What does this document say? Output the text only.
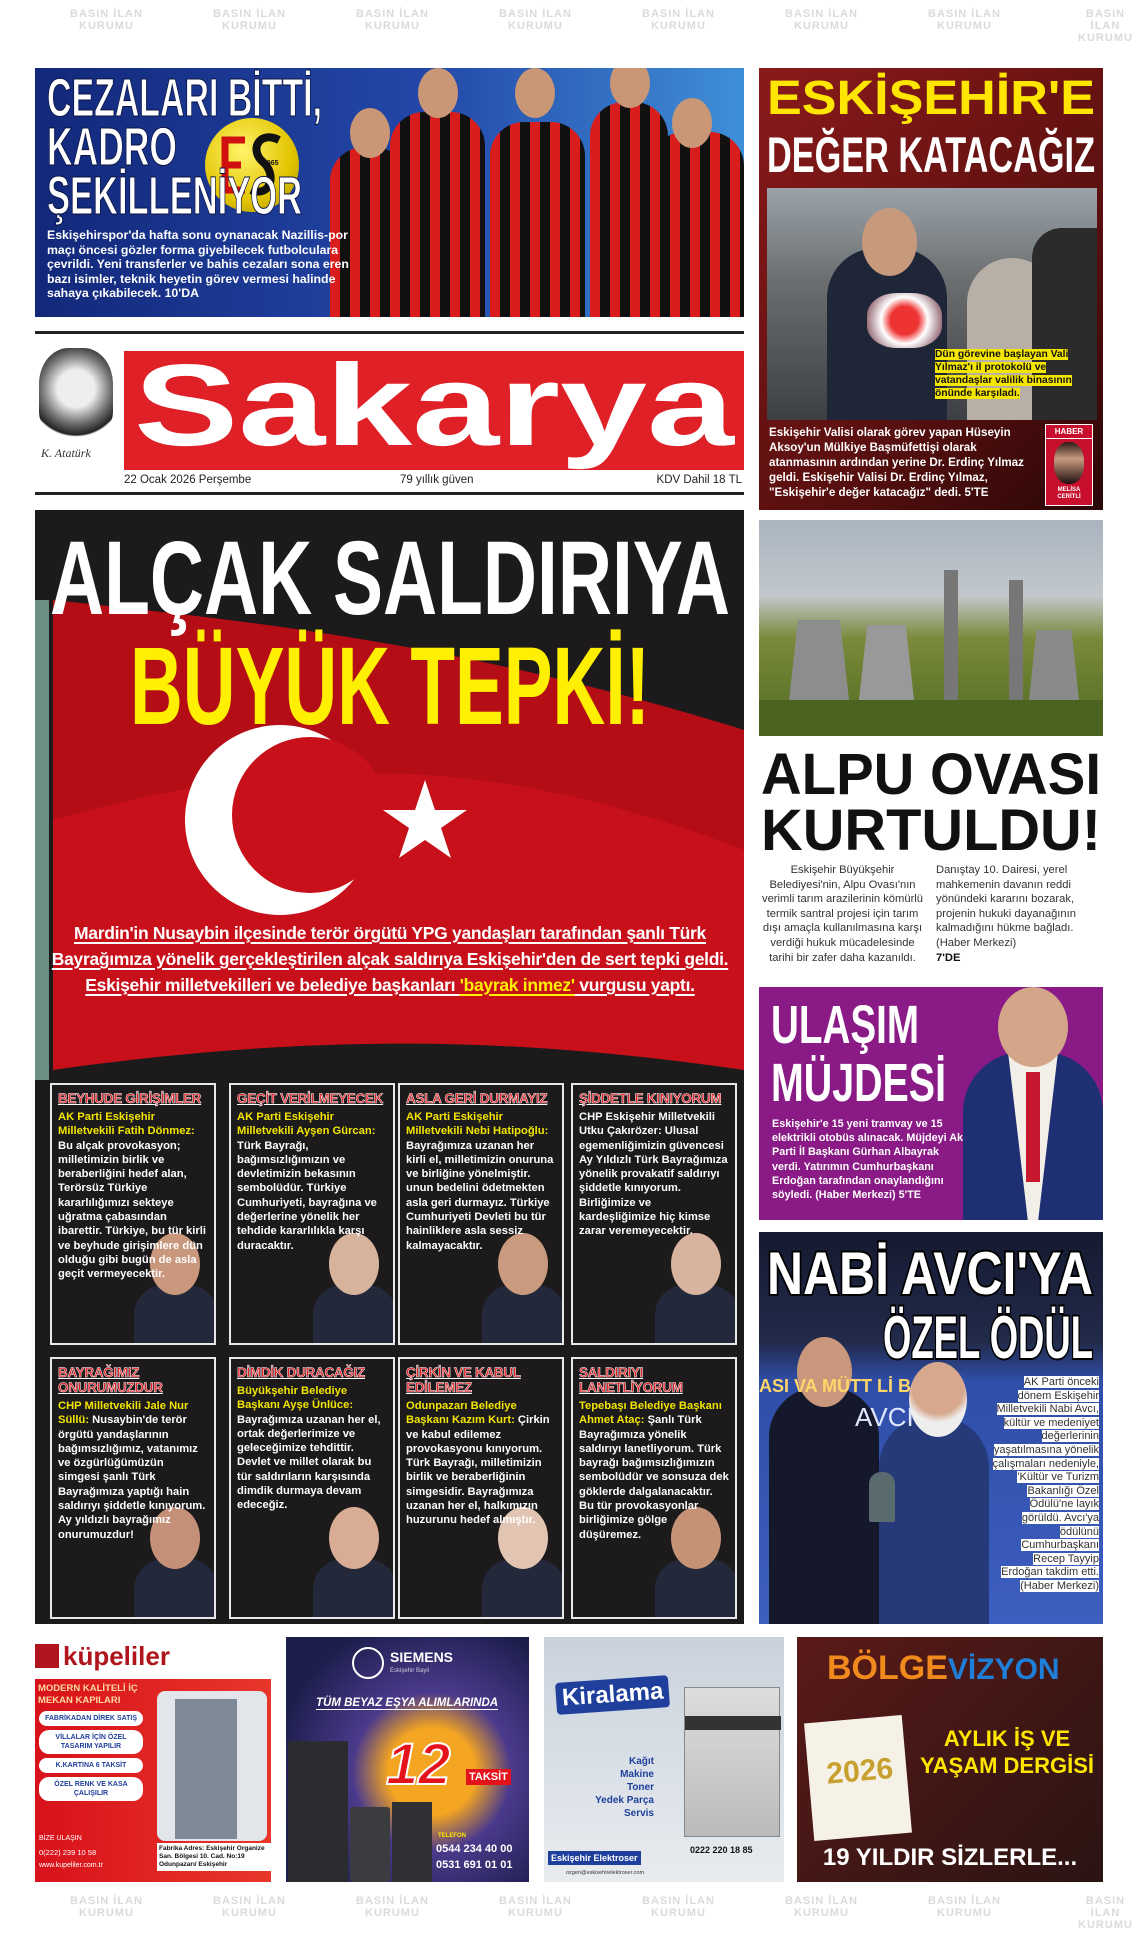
BASIN İLAN
KURUMU
BASIN İLAN
KURUMU
BASIN İLAN
KURUMU
BASIN İLAN
KURUMU
BASIN İLAN
KURUMU
BASIN İLAN
KURUMU
BASIN İLAN
KURUMU
BASIN İLAN
KURUMU
BASIN İLAN
KURUMU
BASIN İLAN
KURUMU
BASIN İLAN
KURUMU
BASIN İLAN
KURUMU
BASIN İLAN
KURUMU
BASIN İLAN
KURUMU
BASIN İLAN
KURUMU
BASIN İLAN
KURUMU
1965
CEZALARI BİTTİ,
KADRO
ŞEKİLLENİYOR
Eskişehirspor'da hafta sonu oynanacak Nazillis-por maçı öncesi gözler forma giyebilecek futbolculara çevrildi. Yeni transferler ve bahis cezaları sona eren bazı isimler, teknik heyetin görev vermesi halinde sahaya çıkabilecek. 10'DA
ESKİŞEHİR'E
DEĞER KATACAĞIZ
Dün görevine başlayan Vali Yılmaz'ı il protokolü ve vatandaşlar valilik binasının önünde karşıladı.
Eskişehir Valisi olarak görev yapan Hüseyin Aksoy'un Mülkiye Başmüfettişi olarak atanmasının ardından yerine Dr. Erdinç Yılmaz geldi. Eskişehir Valisi Dr. Erdinç Yılmaz, "Eskişehir'e değer katacağız" dedi. 5'TE
HABER
MELİSA CERİTLİ
K. Atatürk Sakarya
22 Ocak 2026 Perşembe	79 yıllık güven	KDV Dahil 18 TL
ALÇAK SALDIRIYA
BÜYÜK TEPKİ!
Mardin'in Nusaybin ilçesinde terör örgütü YPG yandaşları tarafından şanlı Türk Bayrağımıza yönelik gerçekleştirilen alçak saldırıya Eskişehir'den de sert tepki geldi. Eskişehir milletvekilleri ve belediye başkanları 'bayrak inmez' vurgusu yaptı.
BEYHUDE GİRİŞİMLER

AK Parti Eskişehir Milletvekili Fatih Dönmez: Bu alçak provokasyon; milletimizin birlik ve beraberliğini hedef alan, Terörsüz Türkiye kararlılığımızı sekteye uğratma çabasından ibarettir. Türkiye, bu tür kirli ve beyhude girişimlere dün olduğu gibi bugün de asla geçit vermeyecektir.

GEÇİT VERİLMEYECEK

AK Parti Eskişehir Milletvekili Ayşen Gürcan: Türk Bayrağı, bağımsızlığımızın ve devletimizin bekasının sembolüdür. Türkiye Cumhuriyeti, bayrağına ve değerlerine yönelik her tehdide kararlılıkla karşı duracaktır.

ASLA GERİ DURMAYIZ

AK Parti Eskişehir Milletvekili Nebi Hatipoğlu: Bayrağımıza uzanan her kirli el, milletimizin onuruna ve birliğine yönelmiştir. unun bedelini ödetmekten asla geri durmayız. Türkiye Cumhuriyeti Devleti bu tür hainliklere asla sessiz kalmayacaktır.

ŞİDDETLE KINIYORUM

CHP Eskişehir Milletvekili Utku Çakırözer: Ulusal egemenliğimizin güvencesi Ay Yıldızlı Türk Bayrağımıza yönelik provakatif saldırıyı şiddetle kınıyorum. Birliğimize ve kardeşliğimize hiç kimse zarar veremeyecektir.

BAYRAĞIMIZ ONURUMUZDUR

CHP Milletvekili Jale Nur Süllü: Nusaybin'de terör örgütü yandaşlarının bağımsızlığımız, vatanımız ve özgürlüğümüzün simgesi şanlı Türk Bayrağımıza yaptığı hain saldırıyı şiddetle kınıyorum. Ay yıldızlı bayrağımız onurumuzdur!

DİMDİK DURACAĞIZ

Büyükşehir Belediye Başkanı Ayşe Ünlüce: Bayrağımıza uzanan her el, ortak değerlerimize ve geleceğimize tehdittir. Devlet ve millet olarak bu tür saldırıların karşısında dimdik durmaya devam edeceğiz.

ÇİRKİN VE KABUL EDİLEMEZ

Odunpazarı Belediye Başkanı Kazım Kurt: Çirkin ve kabul edilemez provokasyonu kınıyorum. Türk Bayrağı, milletimizin birlik ve beraberliğinin simgesidir. Bayrağımıza uzanan her el, halkımızın huzurunu hedef almıştır.

SALDIRIYI LANETLİYORUM

Tepebaşı Belediye Başkanı Ahmet Ataç: Şanlı Türk Bayrağımıza yönelik saldırıyı lanetliyorum. Türk bayrağı bağımsızlığımızın sembolüdür ve sonsuza dek göklerde dalgalanacaktır. Bu tür provokasyonlar birliğimize gölge düşüremez.

ALPU OVASI
KURTULDU!
Eskişehir Büyükşehir Belediyesi'nin, Alpu Ovası'nın verimli tarım arazilerinin kömürlü termik santral projesi için tarım dışı amaçla kullanılmasına karşı verdiği hukuk mücadelesinde tarihi bir zafer daha kazanıldı.
Danıştay 10. Dairesi, yerel mahkemenin davanın reddi yönündeki kararını bozarak, projenin hukuki dayanağının kalmadığını hükme bağladı. (Haber Merkezi)
7'DE
ULAŞIM
MÜJDESİ
Eskişehir'e 15 yeni tramvay ve 15 elektrikli otobüs alınacak. Müjdeyi Ak Parti İl Başkanı Gürhan Albayrak verdi. Yatırımın Cumhurbaşkanı Erdoğan tarafından onaylandığını söyledi. (Haber Merkezi) 5'TE
ASI VA MÜTT Lİ B
AVCI
NABİ AVCI'YA
ÖZEL ÖDÜL
AK Parti önceki dönem Eskişehir Milletvekili Nabi Avcı, kültür ve medeniyet değerlerinin yaşatılmasına yönelik çalışmaları nedeniyle, 'Kültür ve Turizm Bakanlığı Özel Ödülü'ne layık görüldü. Avcı'ya ödülünü Cumhurbaşkanı Recep Tayyip Erdoğan takdim etti. (Haber Merkezi)
küpeliler
MODERN KALİTELİ İÇ MEKAN KAPILARI
FABRİKADAN DİREK SATIŞ
VİLLALAR İÇİN ÖZEL TASARIM YAPILIR
K.KARTINA 6 TAKSİT
ÖZEL RENK VE KASA ÇALIŞILIR
BİZE ULAŞIN
0(222) 239 10 58
www.kupeliler.com.tr
Fabrika Adres: Eskişehir Organize San. Bölgesi 10. Cad. No:19 Odunpazarı/ Eskişehir
SIEMENS
Eskişehir Bayii
TÜM BEYAZ EŞYA ALIMLARINDA
12 TAKSİT
TELEFON
0544 234 40 00
0531 691 01 01
Kiralama
Kağıt
Makine
Toner
Yedek Parça
Servis
0222 220 18 85
Eskişehir Elektroser
ozgen@eskisehirelektroser.com
BÖLGEVİZYON
2026
AYLIK İŞ VE YAŞAM DERGİSİ
19 YILDIR SİZLERLE...
